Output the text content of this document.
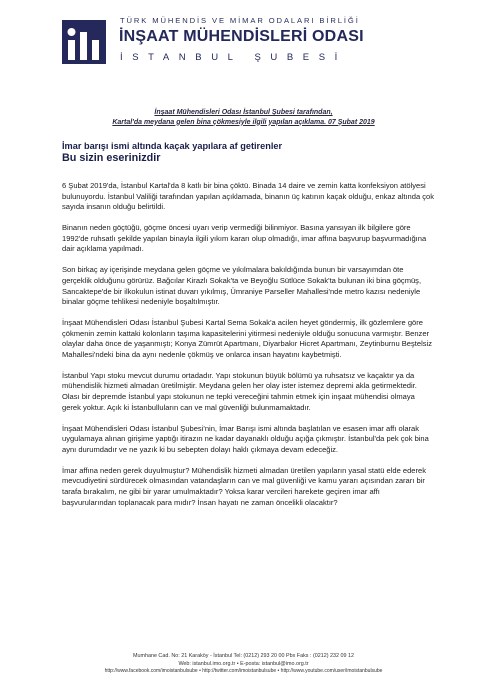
TÜRK MÜHENDİS VE MİMAR ODALARI BİRLİĞİ
İNŞAAT MÜHENDİSLERİ ODASI
İSTANBUL ŞUBESİ
İnşaat Mühendisleri Odası İstanbul Şubesi tarafından,
Kartal'da meydana gelen bina çökmesiyle ilgili yapılan açıklama. 07 Şubat 2019
İmar barışı ismi altında kaçak yapılara af getirenler
Bu sizin eserinizdir

6 Şubat 2019'da, İstanbul Kartal'da 8 katlı bir bina çöktü. Binada 14 daire ve zemin katta konfeksiyon atölyesi bulunuyordu. İstanbul Valiliği tarafından yapılan açıklamada, binanın üç katının kaçak olduğu, enkaz altında çok sayıda insanın olduğu belirtildi.

Binanın neden göçtüğü, göçme öncesi uyarı verip vermediği bilinmiyor. Basına yansıyan ilk bilgilere göre 1992'de ruhsatlı şekilde yapılan binayla ilgili yıkım kararı olup olmadığı, imar affına başvurup başvurmadığına dair açıklama yapılmadı.

Son birkaç ay içerişinde meydana gelen göçme ve yıkılmalara bakıldığında bunun bir varsayımdan öte gerçeklik olduğunu görürüz. Bağcılar Kirazlı Sokak'ta ve Beyoğlu Sütlüce Sokak'ta bulunan iki bina göçmüş, Sancaktepe'de bir ilkokulun istinat duvarı yıkılmış, Ümraniye Parseller Mahallesi'nde metro kazısı nedeniyle binalar göçme tehlikesi nedeniyle boşaltılmıştır.

İnşaat Mühendisleri Odası İstanbul Şubesi Kartal Sema Sokak'a acilen heyet göndermiş, ilk gözlemlere göre çökmenin zemin kattaki kolonların taşıma kapasitelerini yitirmesi nedeniyle olduğu sonucuna varmıştır. Benzer olaylar daha önce de yaşanmıştı; Konya Zümrüt Apartmanı, Diyarbakır Hicret Apartmanı, Zeytinburnu Beştelsiz Mahallesi'ndeki bina da aynı nedenle çökmüş ve onlarca insan hayatını kaybetmişti.

İstanbul Yapı stoku mevcut durumu ortadadır. Yapı stokunun büyük bölümü ya ruhsatsız ve kaçaktır ya da mühendislik hizmeti almadan üretilmiştir. Meydana gelen her olay ister istemez depremi akla getirmektedir. Olası bir depremde İstanbul yapı stokunun ne tepki vereceğini tahmin etmek için inşaat mühendisi olmaya gerek yoktur. Açık ki İstanbulluların can ve mal güvenliği bulunmamaktadır.

İnşaat Mühendisleri Odası İstanbul Şubesi'nin, İmar Barışı ismi altında başlatılan ve esasen imar affı olarak uygulamaya alınan girişime yaptığı itirazın ne kadar dayanaklı olduğu açığa çıkmıştır. İstanbul'da pek çok bina aynı durumdadır ve ne yazık ki bu sebepten dolayı haklı çıkmaya devam edeceğiz.

İmar affına neden gerek duyulmuştur? Mühendislik hizmeti almadan üretilen yapıların yasal statü elde ederek mevcudiyetini sürdürecek olmasından vatandaşların can ve mal güvenliği ve kamu yararı açısından zararı bir tarafa bırakalım, ne gibi bir yarar umulmaktadır? Yoksa karar vercileri harekete geçiren imar affı başvurularından toplanacak para mıdır? İnsan hayatı ne zaman öncelikli olacaktır?

Mumhane Cad. No: 21 Karaköy - İstanbul Tel: (0212) 293 20 00 Pbx Faks : (0212) 232 09 12
Web: istanbul.imo.org.tr • E-posta: istanbul@imo.org.tr
http://www.facebook.com/imoistanbulsube • http://twitter.com/imoistanbulsube • http://www.youtube.com/user/imoistanbulsube
